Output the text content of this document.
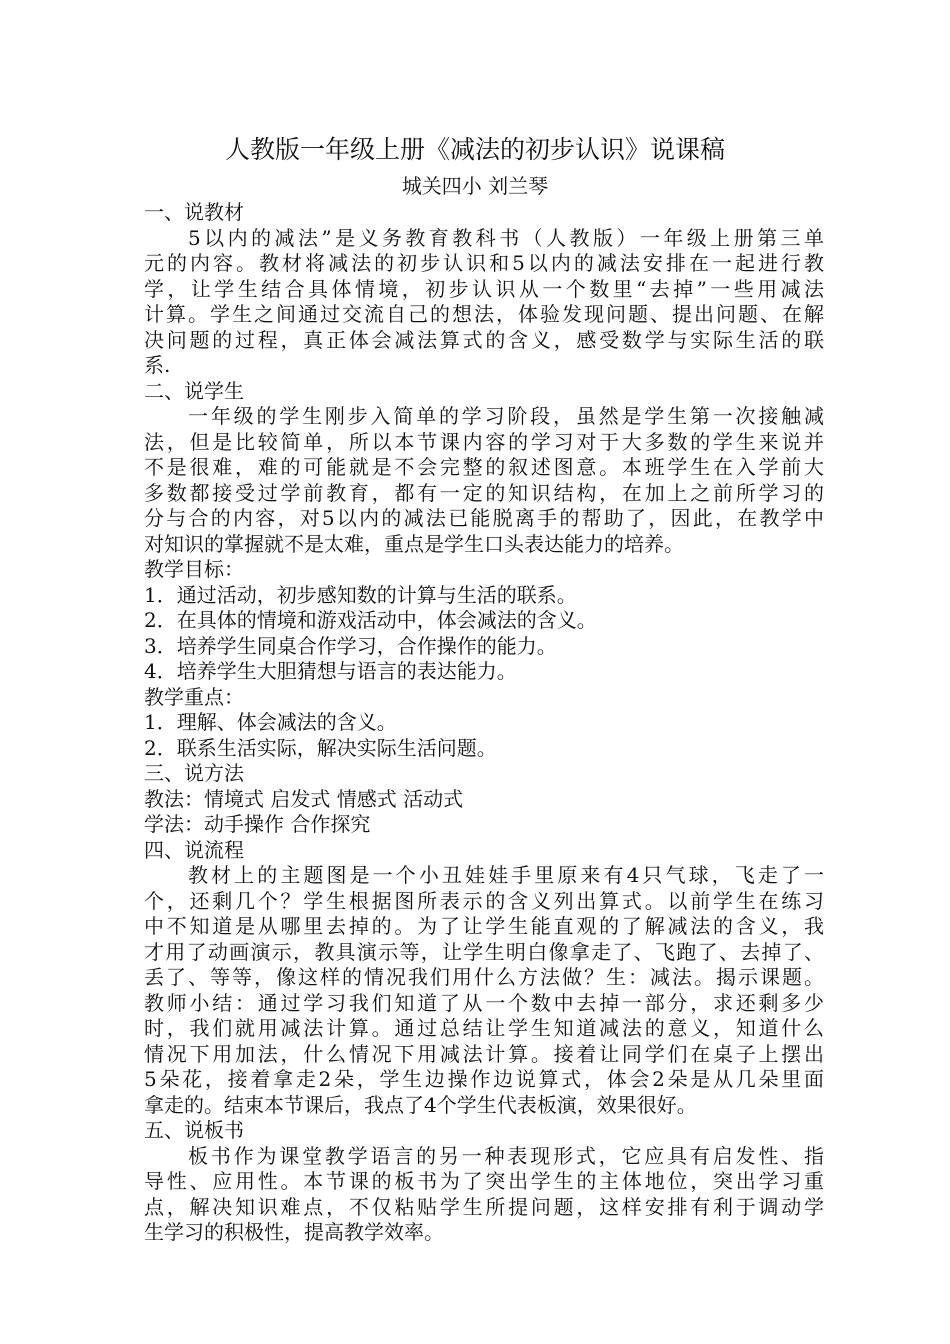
人教版一年级上册《减法的初步认识》说课稿
城关四小 刘兰琴
一、说教材
5以内的减法”是义务教育教科书（人教版）一年级上册第三单
元的内容。教材将减法的初步认识和5以内的减法安排在一起进行教
学，让学生结合具体情境，初步认识从一个数里“去掉”一些用减法
计算。学生之间通过交流自己的想法，体验发现问题、提出问题、在解
决问题的过程，真正体会减法算式的含义，感受数学与实际生活的联
系.
二、说学生
一年级的学生刚步入简单的学习阶段，虽然是学生第一次接触减
法，但是比较简单，所以本节课内容的学习对于大多数的学生来说并
不是很难，难的可能就是不会完整的叙述图意。本班学生在入学前大
多数都接受过学前教育，都有一定的知识结构，在加上之前所学习的
分与合的内容，对5以内的减法已能脱离手的帮助了，因此，在教学中
对知识的掌握就不是太难，重点是学生口头表达能力的培养。
教学目标：
1．通过活动，初步感知数的计算与生活的联系。
2．在具体的情境和游戏活动中，体会减法的含义。
3．培养学生同桌合作学习，合作操作的能力。
4．培养学生大胆猜想与语言的表达能力。
教学重点：
1．理解、体会减法的含义。
2．联系生活实际，解决实际生活问题。
三、说方法
教法：情境式 启发式 情感式 活动式
学法：动手操作 合作探究
四、说流程
教材上的主题图是一个小丑娃娃手里原来有4只气球，飞走了一
个，还剩几个？学生根据图所表示的含义列出算式。以前学生在练习
中不知道是从哪里去掉的。为了让学生能直观的了解减法的含义，我
才用了动画演示，教具演示等，让学生明白像拿走了、飞跑了、去掉了、
丢了、等等，像这样的情况我们用什么方法做？生：减法。揭示课题。
教师小结：通过学习我们知道了从一个数中去掉一部分，求还剩多少
时，我们就用减法计算。通过总结让学生知道减法的意义，知道什么
情况下用加法，什么情况下用减法计算。接着让同学们在桌子上摆出
5朵花，接着拿走2朵，学生边操作边说算式，体会2朵是从几朵里面
拿走的。结束本节课后，我点了4个学生代表板演，效果很好。
五、说板书
板书作为课堂教学语言的另一种表现形式，它应具有启发性、指
导性、应用性。本节课的板书为了突出学生的主体地位，突出学习重
点，解决知识难点，不仅粘贴学生所提问题，这样安排有利于调动学
生学习的积极性，提高教学效率。
